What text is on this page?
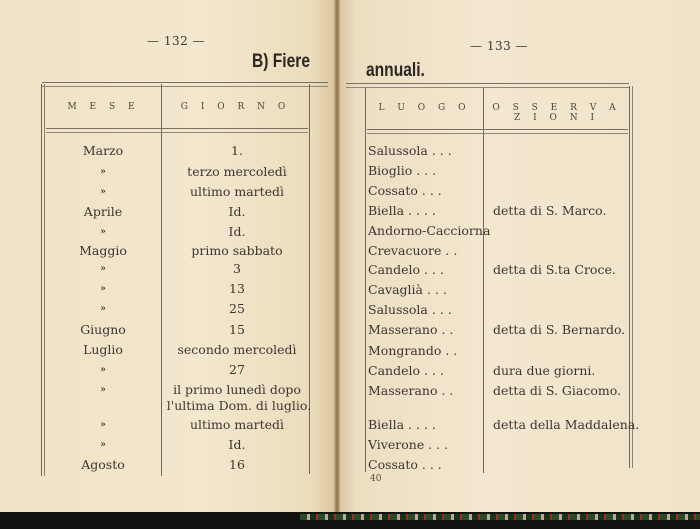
— 132 —
B) Fiere
M E S E	G I O R N O
Marzo	1.
»	terzo mercoledì
»	ultimo martedì
Aprile	Id.
»	Id.
Maggio	primo sabbato
»	3
»	13
»	25
Giugno	15
Luglio	secondo mercoledì
»	27
»	il primo lunedì dopo
l'ultima Dom. di luglio.
»	ultimo martedì
»	Id.
Agosto	16
— 133 —
annuali.
L U O G O	O S S E R V A Z I O N I
Salussola . . .
Bioglio . . .
Cossato . . .
Biella . . . .	detta di S. Marco.
Andorno-Cacciorna
Crevacuore . .
Candelo . . .	detta di S.ta Croce.
Cavaglià . . .
Salussola . . .
Masserano . .	detta di S. Bernardo.
Mongrando . .
Candelo . . .	dura due giorni.
Masserano . .	detta di S. Giacomo.
Biella . . . .	detta della Maddalena.
Viverone . . .
Cossato . . .
40
